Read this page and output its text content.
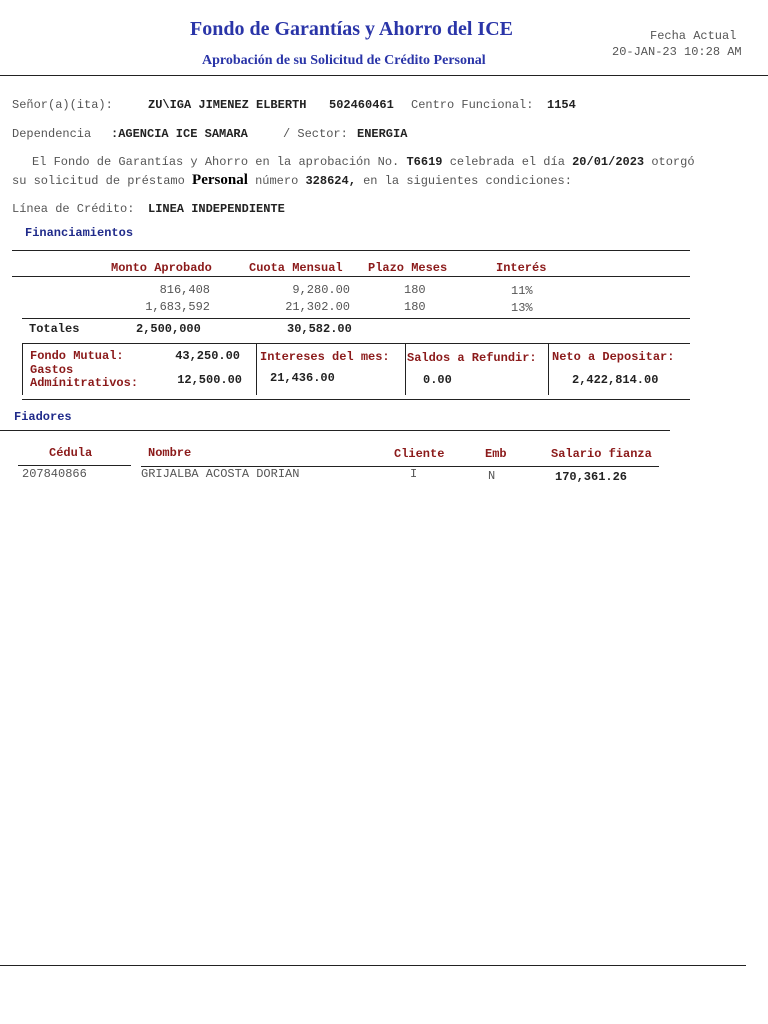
Fondo de Garantías y Ahorro del ICE
Aprobación de su Solicitud de Crédito Personal
Fecha Actual
20-JAN-23 10:28 AM
Señor(a)(ita):	ZU\IGA JIMENEZ ELBERTH 502460461 Centro Funcional: 1154
Dependencia :AGENCIA ICE SAMARA	/ Sector: ENERGIA
El Fondo de Garantías y Ahorro en la aprobación No. T6619 celebrada el día 20/01/2023 otorgó
su solicitud de préstamo Personal número 328624, en la siguientes condiciones:
Línea de Crédito: LINEA INDEPENDIENTE
Financiamientos
Monto Aprobado	Cuota Mensual Plazo Meses	Interés
816,408	9,280.00	180	11%
1,683,592	21,302.00	180	13%
Totales	2,500,000	30,582.00
Fondo Mutual:	43,250.00
Gastos
Admínitrativos:	12,500.00
Intereses del mes:
21,436.00
Saldos a Refundir:
0.00
Neto a Depositar:
2,422,814.00
Fiadores
Cédula	Nombre	Cliente	Emb	Salario fianza
207840866	GRIJALBA ACOSTA DORIAN	I	N	170,361.26
